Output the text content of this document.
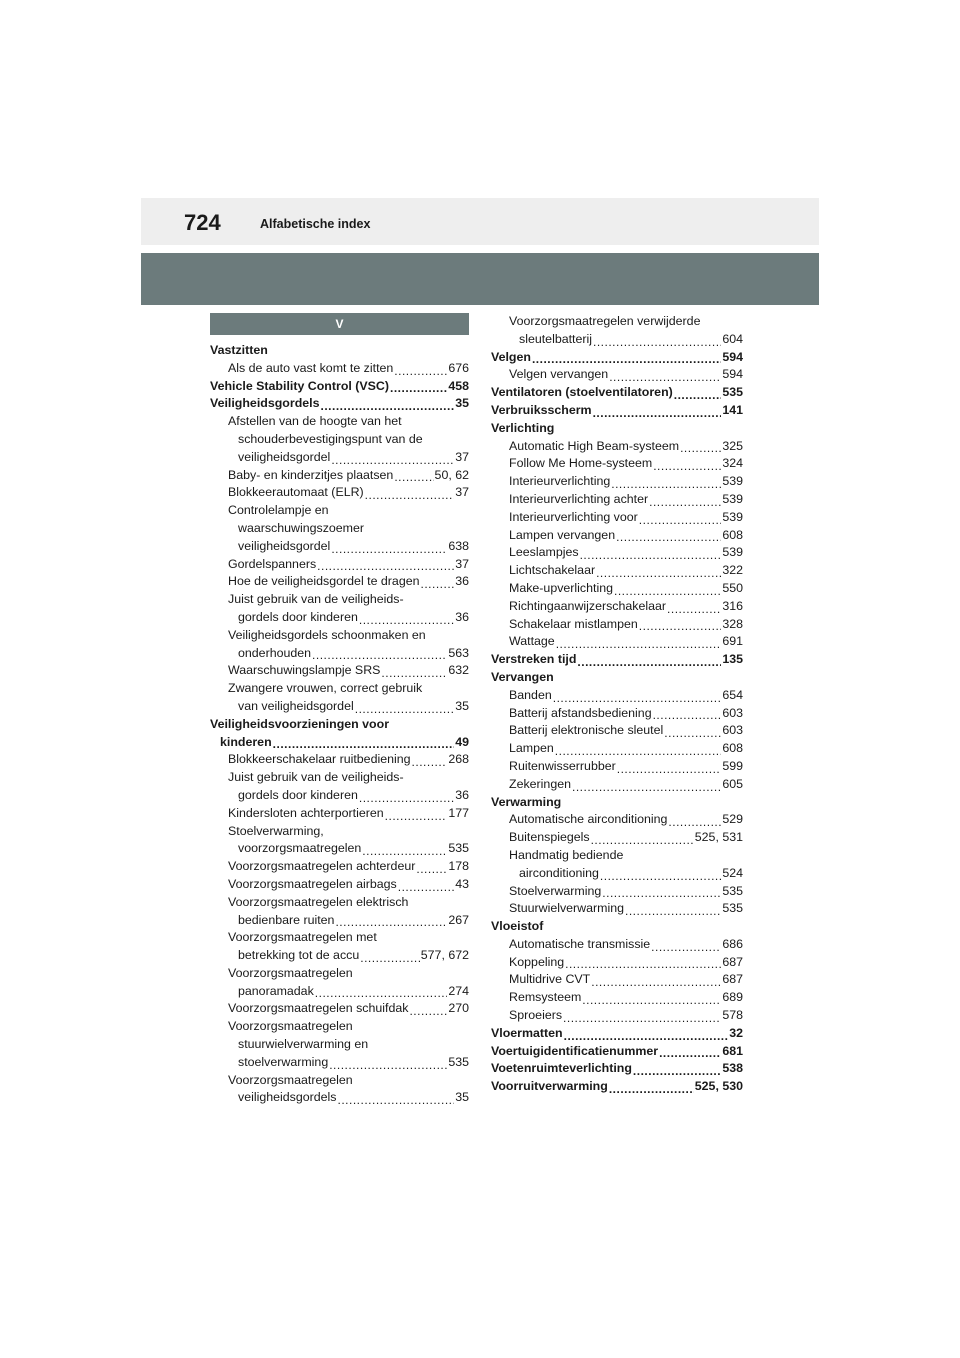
724	Alfabetische index
V
Vastzitten
Als de auto vast komt te zitten .....	676
Vehicle Stability Control (VSC) .....	458
Veiligheidsgordels .....	35
Afstellen van de hoogte van het
schouderbevestigingspunt van de
veiligheidsgordel .....	37
Baby- en kinderzitjes plaatsen .....	50, 62
Blokkeerautomaat (ELR) .....	37
Controlelampje en
waarschuwingszoemer
veiligheidsgordel .....	638
Gordelspanners .....	37
Hoe de veiligheidsgordel te dragen .....	36
Juist gebruik van de veiligheids-
gordels door kinderen .....	36
Veiligheidsgordels schoonmaken en
onderhouden .....	563
Waarschuwingslampje SRS .....	632
Zwangere vrouwen, correct gebruik
van veiligheidsgordel .....	35
Veiligheidsvoorzieningen voor
kinderen .....	49
Blokkeerschakelaar ruitbediening .....	268
Juist gebruik van de veiligheids-
gordels door kinderen .....	36
Kindersloten achterportieren .....	177
Stoelverwarming,
voorzorgsmaatregelen .....	535
Voorzorgsmaatregelen achterdeur .....	178
Voorzorgsmaatregelen airbags .....	43
Voorzorgsmaatregelen elektrisch
bedienbare ruiten .....	267
Voorzorgsmaatregelen met
betrekking tot de accu .....	577, 672
Voorzorgsmaatregelen
panoramadak .....	274
Voorzorgsmaatregelen schuifdak .....	270
Voorzorgsmaatregelen
stuurwielverwarming en
stoelverwarming .....	535
Voorzorgsmaatregelen
veiligheidsgordels .....	35
Voorzorgsmaatregelen verwijderde
sleutelbatterij .....	604
Velgen .....	594
Velgen vervangen .....	594
Ventilatoren (stoelventilatoren) .....	535
Verbruiksscherm .....	141
Verlichting
Automatic High Beam-systeem .....	325
Follow Me Home-systeem .....	324
Interieurverlichting .....	539
Interieurverlichting achter .....	539
Interieurverlichting voor .....	539
Lampen vervangen .....	608
Leeslampjes .....	539
Lichtschakelaar .....	322
Make-upverlichting .....	550
Richtingaanwijzerschakelaar .....	316
Schakelaar mistlampen .....	328
Wattage .....	691
Verstreken tijd .....	135
Vervangen
Banden .....	654
Batterij afstandsbediening .....	603
Batterij elektronische sleutel .....	603
Lampen .....	608
Ruitenwisserrubber .....	599
Zekeringen .....	605
Verwarming
Automatische airconditioning .....	529
Buitenspiegels .....	525, 531
Handmatig bediende
airconditioning .....	524
Stoelverwarming .....	535
Stuurwielverwarming .....	535
Vloeistof
Automatische transmissie .....	686
Koppeling .....	687
Multidrive CVT .....	687
Remsysteem .....	689
Sproeiers .....	578
Vloermatten .....	32
Voertuigidentificatienummer .....	681
Voetenruimteverlichting .....	538
Voorruitverwarming .....	525, 530
